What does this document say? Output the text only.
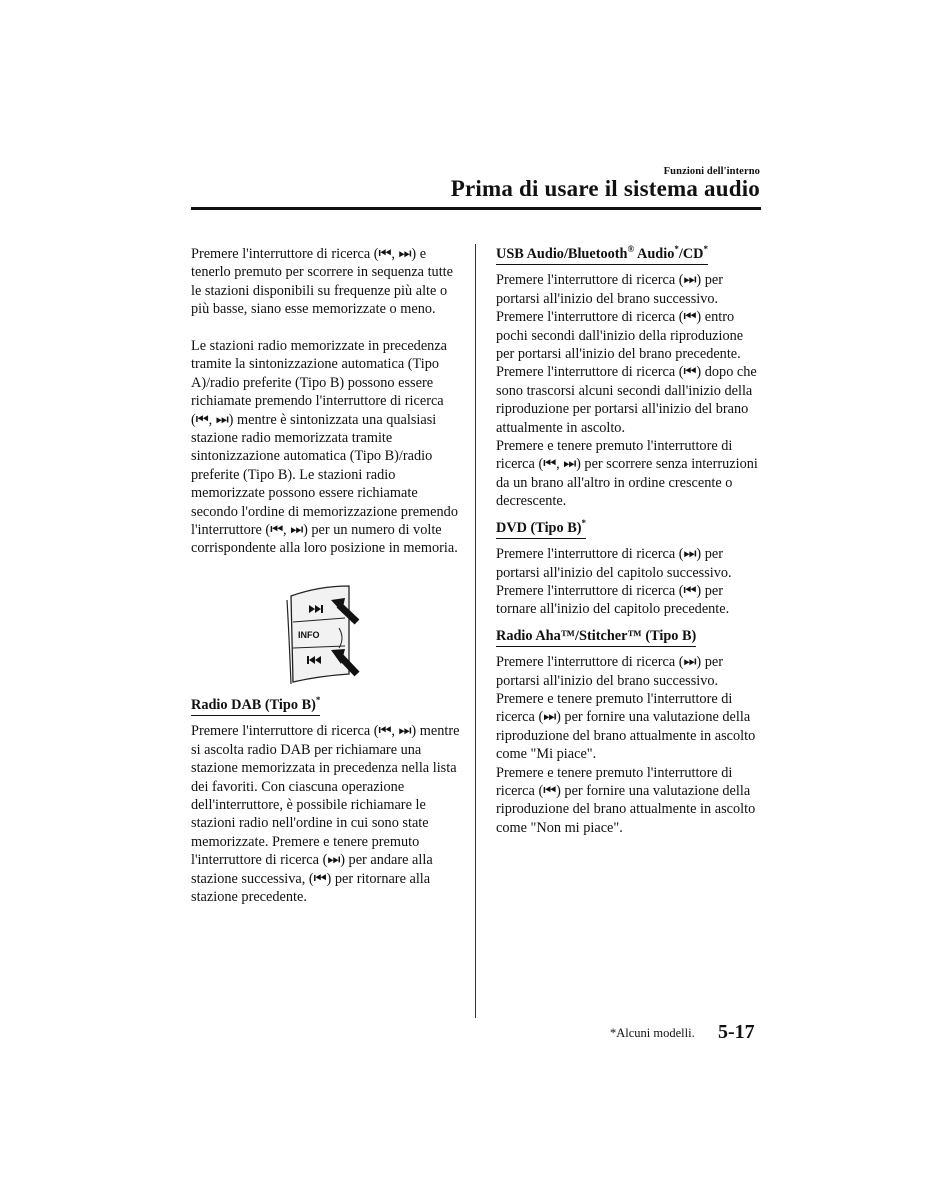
Funzioni dell'interno
Prima di usare il sistema audio

Premere l'interruttore di ricerca (⏮, ⏭) e tenerlo premuto per scorrere in sequenza tutte le stazioni disponibili su frequenze più alte o più basse, siano esse memorizzate o meno.

Le stazioni radio memorizzate in precedenza tramite la sintonizzazione automatica (Tipo A)/radio preferite (Tipo B) possono essere richiamate premendo l'interruttore di ricerca (⏮, ⏭) mentre è sintonizzata una qualsiasi stazione radio memorizzata tramite sintonizzazione automatica (Tipo B)/radio preferite (Tipo B). Le stazioni radio memorizzate possono essere richiamate secondo l'ordine di memorizzazione premendo l'interruttore (⏮, ⏭) per un numero di volte corrispondente alla loro posizione in memoria.

INFO
Radio DAB (Tipo B)*

Premere l'interruttore di ricerca (⏮, ⏭) mentre si ascolta radio DAB per richiamare una stazione memorizzata in precedenza nella lista dei favoriti. Con ciascuna operazione dell'interruttore, è possibile richiamare le stazioni radio nell'ordine in cui sono state memorizzate. Premere e tenere premuto l'interruttore di ricerca (⏭) per andare alla stazione successiva, (⏮) per ritornare alla stazione precedente.

USB Audio/Bluetooth® Audio*/CD*

Premere l'interruttore di ricerca (⏭) per portarsi all'inizio del brano successivo.

Premere l'interruttore di ricerca (⏮) entro pochi secondi dall'inizio della riproduzione per portarsi all'inizio del brano precedente.

Premere l'interruttore di ricerca (⏮) dopo che sono trascorsi alcuni secondi dall'inizio della riproduzione per portarsi all'inizio del brano attualmente in ascolto.

Premere e tenere premuto l'interruttore di ricerca (⏮, ⏭) per scorrere senza interruzioni da un brano all'altro in ordine crescente o decrescente.

DVD (Tipo B)*

Premere l'interruttore di ricerca (⏭) per portarsi all'inizio del capitolo successivo.

Premere l'interruttore di ricerca (⏮) per tornare all'inizio del capitolo precedente.

Radio Aha™/Stitcher™ (Tipo B)

Premere l'interruttore di ricerca (⏭) per portarsi all'inizio del brano successivo.

Premere e tenere premuto l'interruttore di ricerca (⏭) per fornire una valutazione della riproduzione del brano attualmente in ascolto come "Mi piace".

Premere e tenere premuto l'interruttore di ricerca (⏮) per fornire una valutazione della riproduzione del brano attualmente in ascolto come "Non mi piace".

*Alcuni modelli. 5-17
